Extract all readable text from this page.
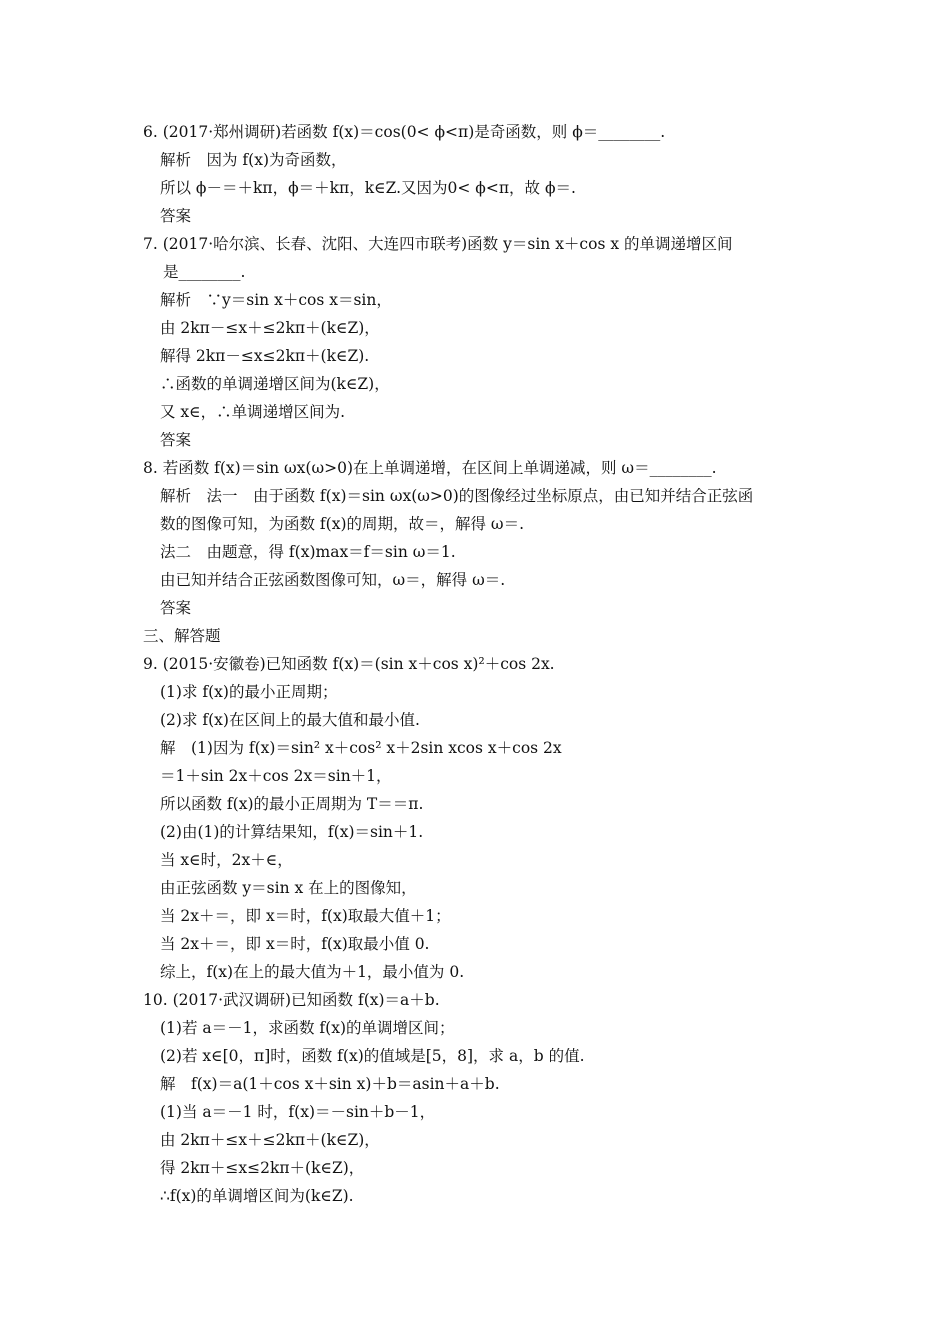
6. (2017·郑州调研)若函数 f(x)＝cos(0< ϕ<π)是奇函数，则 ϕ＝________.
解析　因为 f(x)为奇函数，
所以 ϕ－＝＋kπ，ϕ＝＋kπ，k∈Z.又因为0< ϕ<π，故 ϕ＝.
答案
7. (2017·哈尔滨、长春、沈阳、大连四市联考)函数 y＝sin x＋cos x 的单调递增区间
是________.
解析　∵y＝sin x＋cos x＝sin，
由 2kπ－≤x＋≤2kπ＋(k∈Z)，
解得 2kπ－≤x≤2kπ＋(k∈Z).
∴函数的单调递增区间为(k∈Z)，
又 x∈，∴单调递增区间为.
答案
8. 若函数 f(x)＝sin ωx(ω>0)在上单调递增，在区间上单调递减，则 ω＝________.
解析　法一　由于函数 f(x)＝sin ωx(ω>0)的图像经过坐标原点，由已知并结合正弦函
数的图像可知，为函数 f(x)的周期，故＝，解得 ω＝.
法二　由题意，得 f(x)max＝f＝sin ω＝1.
由已知并结合正弦函数图像可知，ω＝，解得 ω＝.
答案
三、解答题
9. (2015·安徽卷)已知函数 f(x)＝(sin x＋cos x)²＋cos 2x.
(1)求 f(x)的最小正周期；
(2)求 f(x)在区间上的最大值和最小值.
解　(1)因为 f(x)＝sin² x＋cos² x＋2sin xcos x＋cos 2x
＝1＋sin 2x＋cos 2x＝sin＋1，
所以函数 f(x)的最小正周期为 T＝＝π.
(2)由(1)的计算结果知，f(x)＝sin＋1.
当 x∈时，2x＋∈，
由正弦函数 y＝sin x 在上的图像知，
当 2x＋＝，即 x＝时，f(x)取最大值＋1；
当 2x＋＝，即 x＝时，f(x)取最小值 0.
综上，f(x)在上的最大值为＋1，最小值为 0.
10. (2017·武汉调研)已知函数 f(x)＝a＋b.
(1)若 a＝－1，求函数 f(x)的单调增区间；
(2)若 x∈[0，π]时，函数 f(x)的值域是[5，8]，求 a，b 的值.
解　f(x)＝a(1＋cos x＋sin x)＋b＝asin＋a＋b.
(1)当 a＝－1 时，f(x)＝－sin＋b－1，
由 2kπ＋≤x＋≤2kπ＋(k∈Z)，
得 2kπ＋≤x≤2kπ＋(k∈Z)，
∴f(x)的单调增区间为(k∈Z).
